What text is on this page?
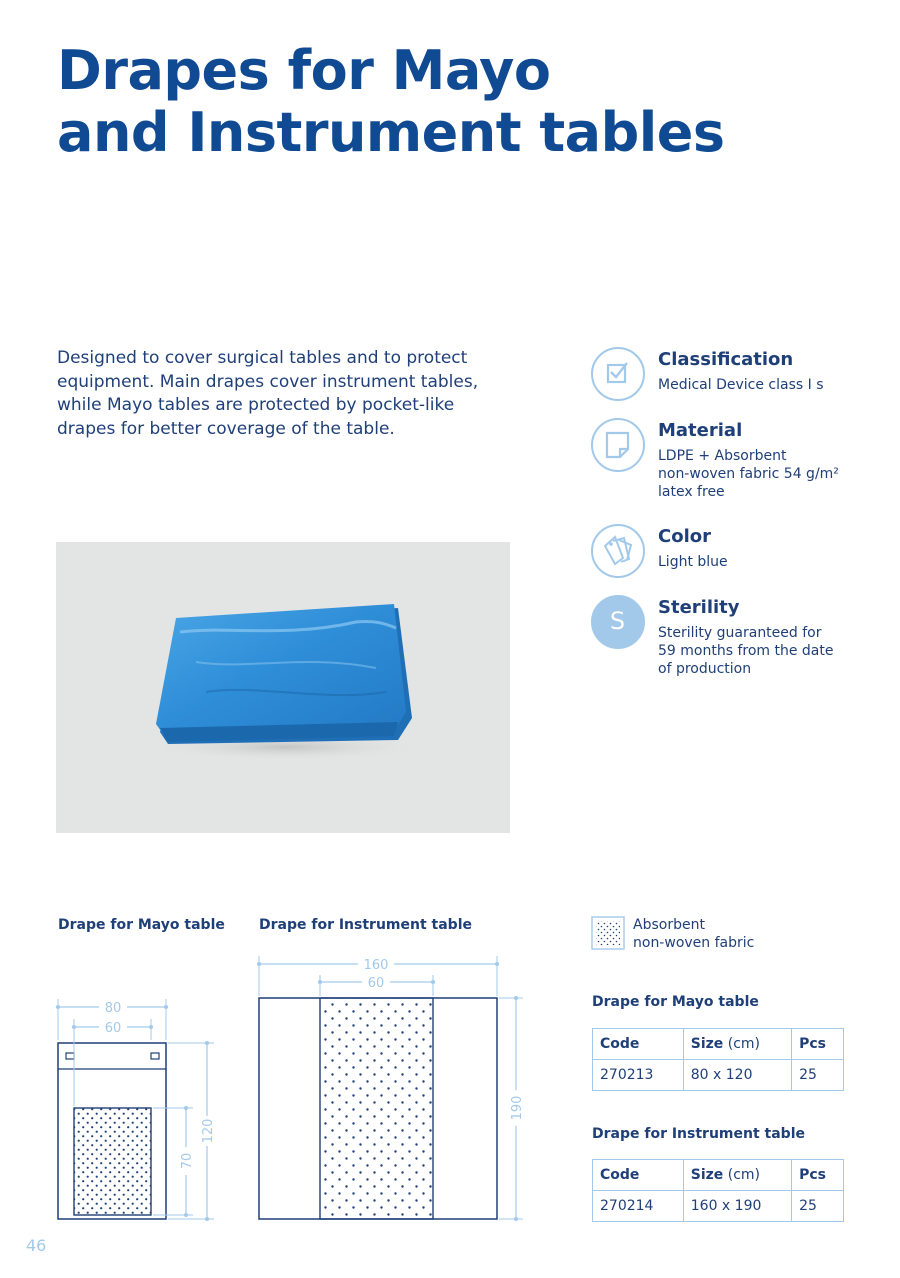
Drapes for Mayo
and Instrument tables

Designed to cover surgical tables and to protect equipment. Main drapes cover instrument tables, while Mayo tables are protected by pocket-like drapes for better coverage of the table.

Classification
Medical Device class I s
Material
LDPE + Absorbent
non-woven fabric 54 g/m²
latex free
Color
Light blue
S	Sterility
Sterility guaranteed for
59 months from the date
of production
Drape for Mayo table Drape for Instrument table
80
60
120
70
160
60
190
Absorbent
non-woven fabric
Drape for Mayo table
Code	Size (cm)	Pcs
270213	80 x 120	25
Drape for Instrument table
Code	Size (cm)	Pcs
270214	160 x 190	25
46
